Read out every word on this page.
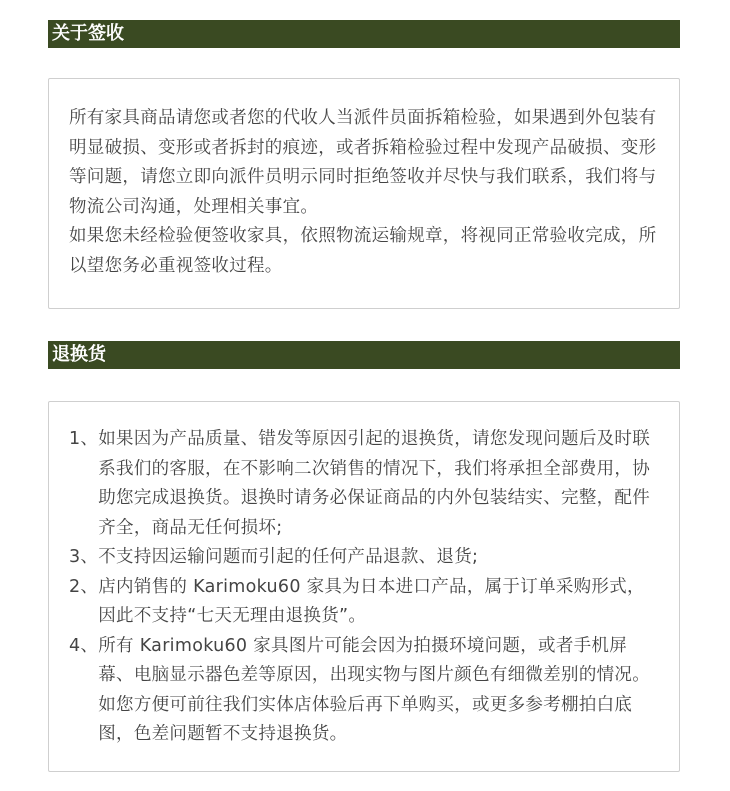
关于签收

所有家具商品请您或者您的代收人当派件员面拆箱检验，如果遇到外包装有明显破损、变形或者拆封的痕迹，或者拆箱检验过程中发现产品破损、变形等问题，请您立即向派件员明示同时拒绝签收并尽快与我们联系，我们将与物流公司沟通，处理相关事宜。

如果您未经检验便签收家具，依照物流运输规章，将视同正常验收完成，所以望您务必重视签收过程。

退换货
1、 如果因为产品质量、错发等原因引起的退换货，请您发现问题后及时联系我们的客服，在不影响二次销售的情况下，我们将承担全部费用，协助您完成退换货。退换时请务必保证商品的内外包装结实、完整，配件齐全，商品无任何损坏;
3、 不支持因运输问题而引起的任何产品退款、退货;
2、 店内销售的 Karimoku60 家具为日本进口产品，属于订单采购形式，因此不支持“七天无理由退换货”。
4、 所有 Karimoku60 家具图片可能会因为拍摄环境问题，或者手机屏幕、电脑显示器色差等原因，出现实物与图片颜色有细微差别的情况。如您方便可前往我们实体店体验后再下单购买，或更多参考棚拍白底图，色差问题暂不支持退换货。
